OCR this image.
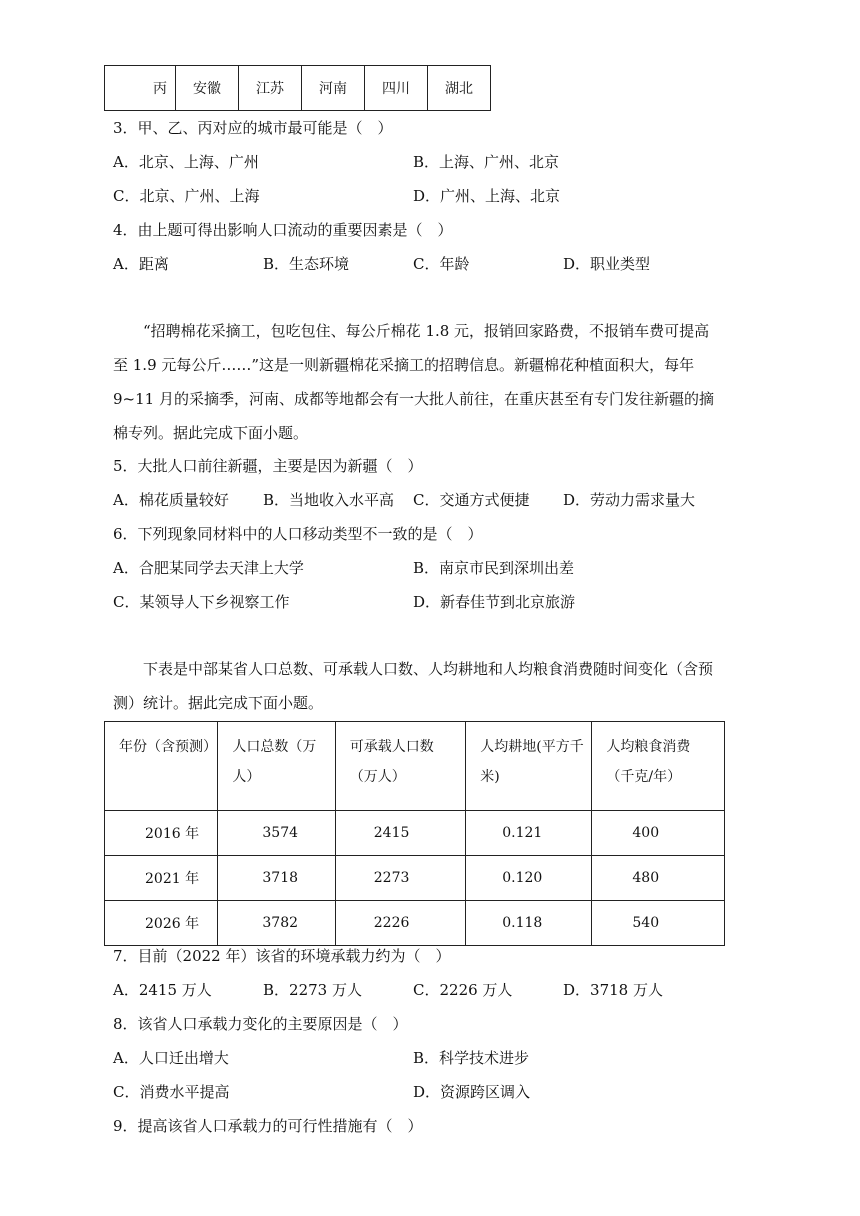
丙	安徽	江苏	河南	四川	湖北
3．甲、乙、丙对应的城市最可能是（　）
A．北京、上海、广州	B．上海、广州、北京
C．北京、广州、上海	D．广州、上海、北京
4．由上题可得出影响人口流动的重要因素是（　）
A．距离	B．生态环境	C．年龄	D．职业类型
“招聘棉花采摘工，包吃包住、每公斤棉花 1.8 元，报销回家路费，不报销车费可提高至 1.9 元每公斤……”这是一则新疆棉花采摘工的招聘信息。新疆棉花种植面积大，每年 9~11 月的采摘季，河南、成都等地都会有一大批人前往，在重庆甚至有专门发往新疆的摘棉专列。据此完成下面小题。
5．大批人口前往新疆，主要是因为新疆（　）
A．棉花质量较好 B．当地收入水平高 C．交通方式便捷 D．劳动力需求量大
6．下列现象同材料中的人口移动类型不一致的是（　）
A．合肥某同学去天津上大学	B．南京市民到深圳出差
C．某领导人下乡视察工作	D．新春佳节到北京旅游
下表是中部某省人口总数、可承载人口数、人均耕地和人均粮食消费随时间变化（含预测）统计。据此完成下面小题。
年份（含预测）	人口总数（万人）	可承载人口数（万人）	人均耕地(平方千米)	人均粮食消费（千克/年）
2016 年	3574	2415	0.121	400
2021 年	3718	2273	0.120	480
2026 年	3782	2226	0.118	540
7．目前（2022 年）该省的环境承载力约为（　）
A．2415 万人	B．2273 万人	C．2226 万人	D．3718 万人
8．该省人口承载力变化的主要原因是（　）
A．人口迁出增大	B．科学技术进步
C．消费水平提高	D．资源跨区调入
9．提高该省人口承载力的可行性措施有（　）
